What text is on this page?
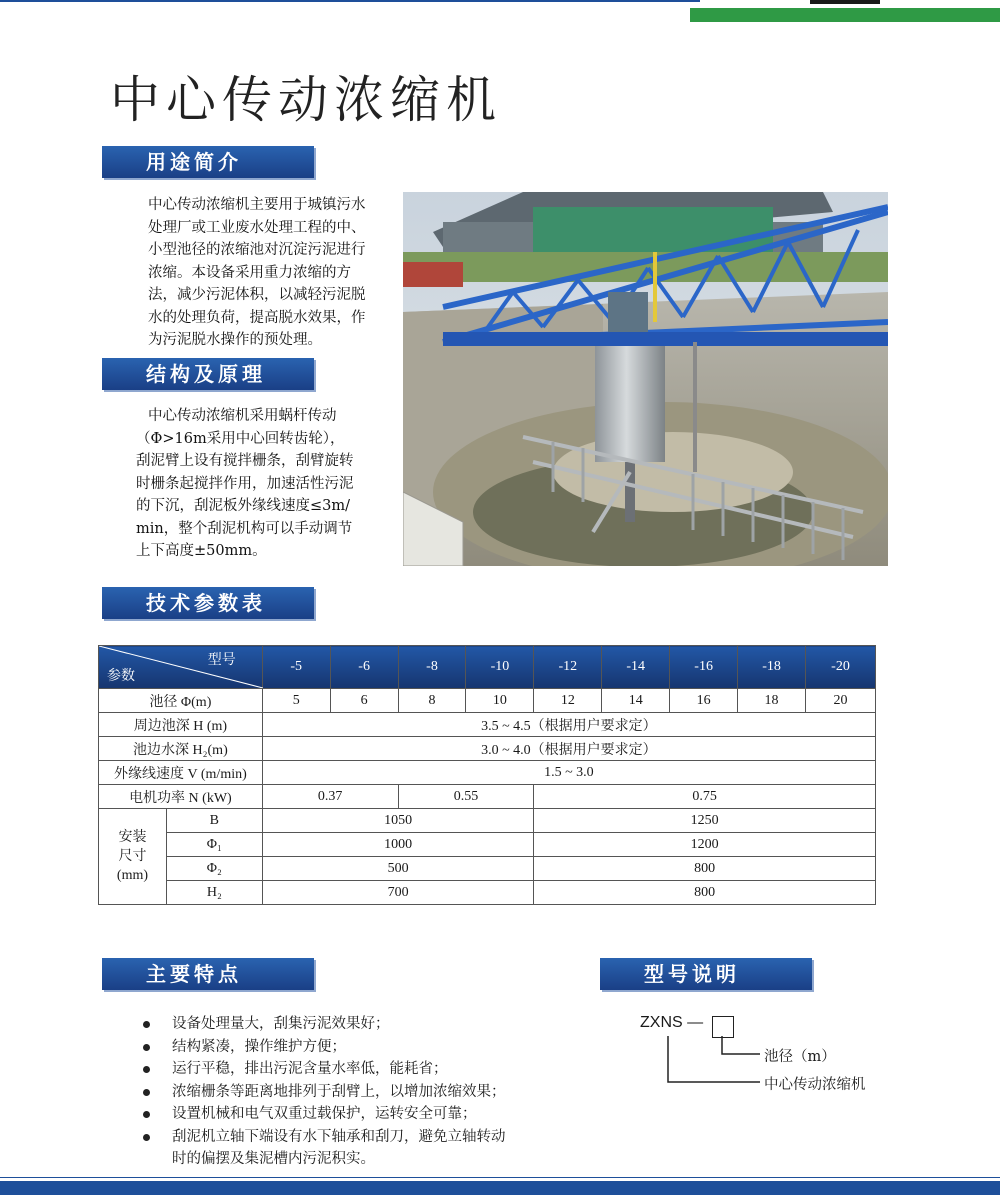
中心传动浓缩机
用途简介
中心传动浓缩机主要用于城镇污水
处理厂或工业废水处理工程的中、
小型池径的浓缩池对沉淀污泥进行
浓缩。本设备采用重力浓缩的方
法，减少污泥体积，以减轻污泥脱
水的处理负荷，提高脱水效果，作
为污泥脱水操作的预处理。
结构及原理
中心传动浓缩机采用蜗杆传动
（Φ>16m采用中心回转齿轮），
刮泥臂上设有搅拌栅条，刮臂旋转
时栅条起搅拌作用，加速活性污泥
的下沉，刮泥板外缘线速度≤3m/
min，整个刮泥机构可以手动调节
上下高度±50mm。
技术参数表
型号
参数		-5	-6	-8	-10	-12	-14	-16	-18	-20
池径 Φ(m)		5	6	8	10	12	14	16	18	20
周边池深 H (m)		3.5 ~ 4.5（根据用户要求定）								
池边水深 H₂(m)		3.0 ~ 4.0（根据用户要求定）								
外缘线速度 V (m/min)		1.5 ~ 3.0								
电机功率 N (kW)		0.37		0.55		0.75				

安装
尺寸
(mm)	B	1050				1250				
	Φ₁	1000				1200				
	Φ₂	500				800				
	H₂	700				800				
主要特点
设备处理量大，刮集污泥效果好；
结构紧凑，操作维护方便；
运行平稳，排出污泥含量水率低，能耗省；
浓缩栅条等距离地排列于刮臂上，以增加浓缩效果；
设置机械和电气双重过载保护，运转安全可靠；
刮泥机立轴下端设有水下轴承和刮刀，避免立轴转动
时的偏摆及集泥槽内污泥积实。
型号说明
ZXNS —
池径（m）
中心传动浓缩机
